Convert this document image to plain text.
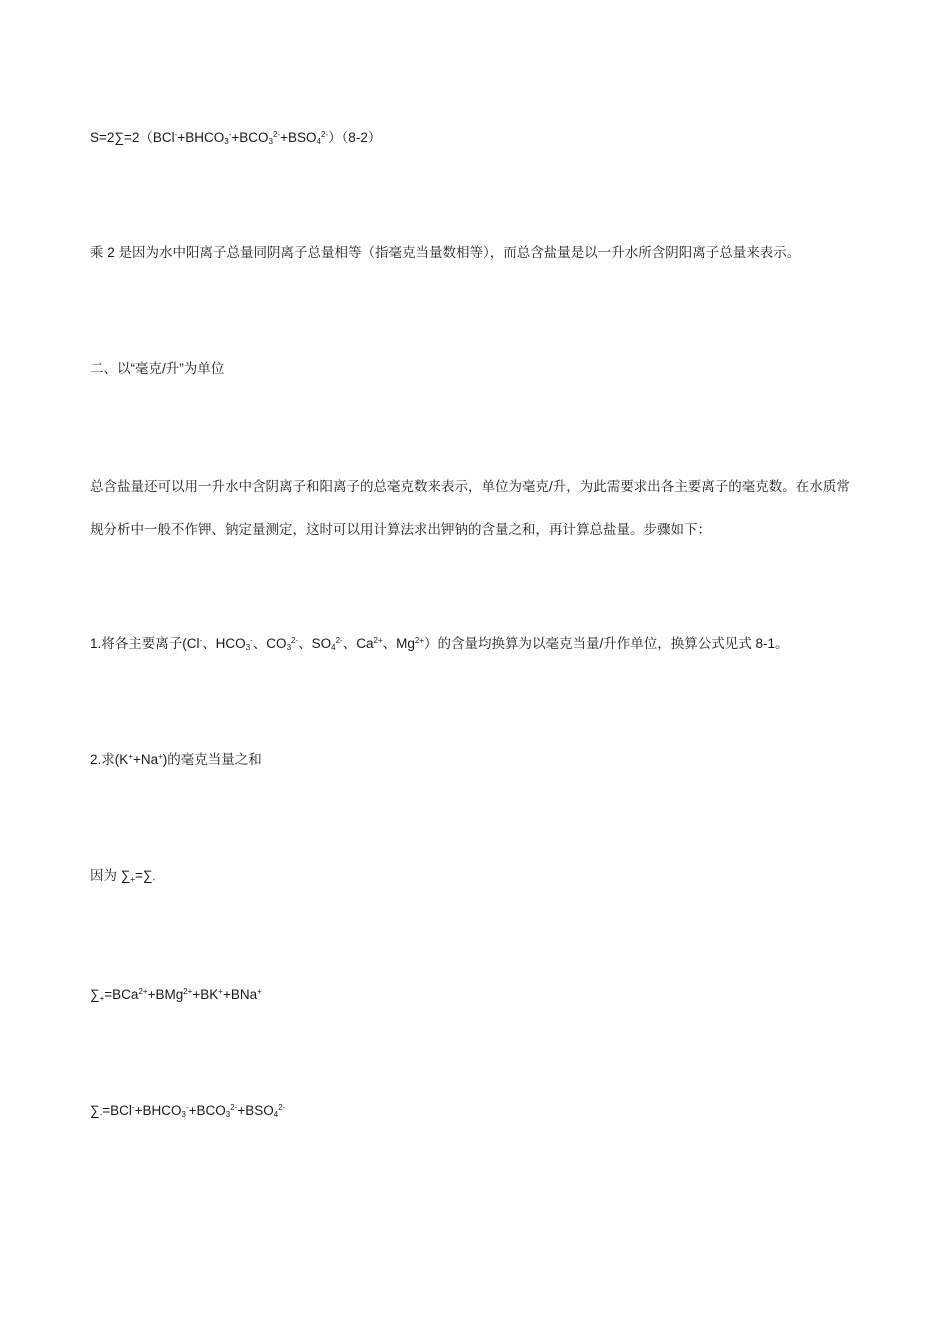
$S=2\sum=2(BCl^-+BHCO_3^-+BCO_3^{2-}+BSO_4^{2-})(8-2)$
乘 2 是因为水中阳离子总量同阴离子总量相等（指毫克当量数相等），而总含盐量是以一升水所含阴阳离子总量来表示。
二、以“毫克/升”为单位
总含盐量还可以用一升水中含阴离子和阳离子的总毫克数来表示，单位为毫克/升，为此需要求出各主要离子的毫克数。在水质常规分析中一般不作钾、钠定量测定，这时可以用计算法求出钾钠的含量之和，再计算总盐量。步骤如下：
1.将各主要离子(Cl-、$HCO_3^-$、$CO_3^{2-}$、$SO_4^{2-}$、$Ca^{2+}$、$Mg^{2+}$）的含量均换算为以毫克当量/升作单位，换算公式见式 8-1。
2.求(K++Na+)的毫克当量之和
因为 $\sum_+=\sum_-$
$\sum_+=BCa^{2+}+BMg^{2+}+BK^++BNa^+$
$\sum_-=BCl^-+BHCO_3^-+BCO_3^{2-}+BSO_4^{2-}$
